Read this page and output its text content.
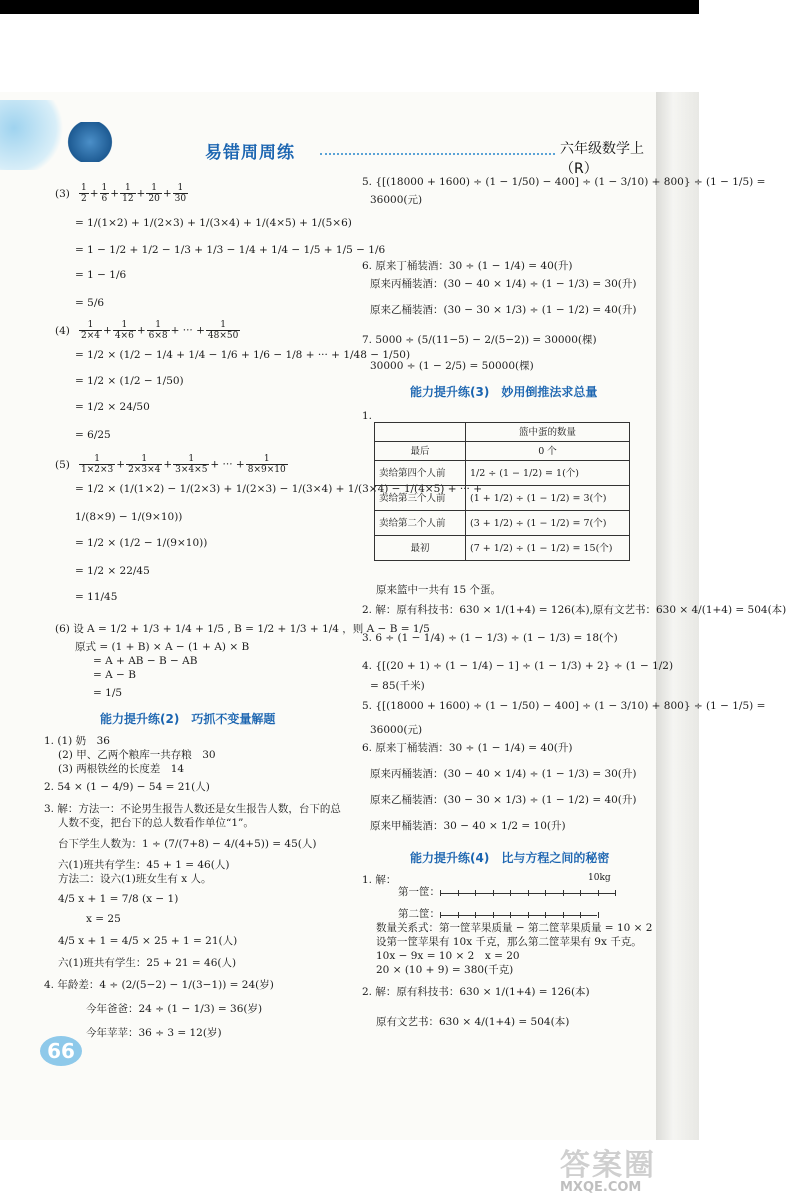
易错周周练	六年级数学上（R）
$(3) \frac{1}{2} + \frac{1}{6} + \frac{1}{12} + \frac{1}{20} + \frac{1}{30}$
= 1/(1×2) + 1/(2×3) + 1/(3×4) + 1/(4×5) + 1/(5×6)
= 1 − 1/2 + 1/2 − 1/3 + 1/3 − 1/4 + 1/4 − 1/5 + 1/5 − 1/6
= 1 − 1/6
= 5/6
$(4) \frac{1}{2\times 4} + \frac{1}{4\times 6} + \frac{1}{6\times 8}$ + ··· + $\frac{1}{48\times 50}$
= 1/2 × (1/2 − 1/4 + 1/4 − 1/6 + 1/6 − 1/8 + ··· + 1/48 − 1/50)
= 1/2 × (1/2 − 1/50)
= 1/2 × 24/50
= 6/25
$(5) \frac{1}{1\times 2\times 3} + \frac{1}{2\times 3\times 4} + \frac{1}{3\times 4\times 5}$ + ··· + $\frac{1}{8\times 9\times 10}$
= 1/2 × (1/(1×2) − 1/(2×3) + 1/(2×3) − 1/(3×4) + 1/(3×4) − 1/(4×5) + ··· +
1/(8×9) − 1/(9×10))
= 1/2 × (1/2 − 1/(9×10))
= 1/2 × 22/45
= 11/45
(6) 设 A = 1/2 + 1/3 + 1/4 + 1/5 , B = 1/2 + 1/3 + 1/4 ，则 A − B = 1/5
原式 = (1 + B) × A − (1 + A) × B
= A + AB − B − AB
= A − B
= 1/5
能力提升练(2)　巧抓不变量解题
1. (1) 奶　36
(2) 甲、乙两个粮库一共存粮　30
(3) 两根铁丝的长度差　14
2. 54 × (1 − 4/9) − 54 = 21(人)
3. 解：方法一：不论男生报告人数还是女生报告人数，台下的总
人数不变，把台下的总人数看作单位“1”。
台下学生人数为：1 ÷ (7/(7+8) − 4/(4+5)) = 45(人)
六(1)班共有学生：45 + 1 = 46(人)
方法二：设六(1)班女生有 x 人。
4/5 x + 1 = 7/8 (x − 1)
x = 25
4/5 x + 1 = 4/5 × 25 + 1 = 21(人)
六(1)班共有学生：25 + 21 = 46(人)
4. 年龄差：4 ÷ (2/(5−2) − 1/(3−1)) = 24(岁)
今年爸爸：24 ÷ (1 − 1/3) = 36(岁)
今年苹苹：36 ÷ 3 = 12(岁)
66
5. {[(18000 + 1600) ÷ (1 − 1/50) − 400] ÷ (1 − 3/10) + 800} ÷ (1 − 1/5) =
36000(元)
6. 原来丁桶装酒：30 ÷ (1 − 1/4) = 40(升)
原来丙桶装酒：(30 − 40 × 1/4) ÷ (1 − 1/3) = 30(升)
原来乙桶装酒：(30 − 30 × 1/3) ÷ (1 − 1/2) = 40(升)
7. 5000 ÷ (5/(11−5) − 2/(5−2)) = 30000(棵)
30000 ÷ (1 − 2/5) = 50000(棵)
能力提升练(3)　妙用倒推法求总量
1.
	篮中蛋的数量
最后	0 个
卖给第四个人前	1/2 ÷ (1 − 1/2) = 1(个)
卖给第三个人前	(1 + 1/2) ÷ (1 − 1/2) = 3(个)
卖给第二个人前	(3 + 1/2) ÷ (1 − 1/2) = 7(个)
最初	(7 + 1/2) ÷ (1 − 1/2) = 15(个)
原来篮中一共有 15 个蛋。
2. 解：原有科技书：630 × 1/(1+4) = 126(本),原有文艺书：630 × 4/(1+4) = 504(本)
3. 6 ÷ (1 − 1/4) ÷ (1 − 1/3) ÷ (1 − 1/3) = 18(个)
4. {[(20 + 1) ÷ (1 − 1/4) − 1] ÷ (1 − 1/3) + 2} ÷ (1 − 1/2)
= 85(千米)
5. {[(18000 + 1600) ÷ (1 − 1/50) − 400] ÷ (1 − 3/10) + 800} ÷ (1 − 1/5) =
36000(元)
6. 原来丁桶装酒：30 ÷ (1 − 1/4) = 40(升)
原来丙桶装酒：(30 − 40 × 1/4) ÷ (1 − 1/3) = 30(升)
原来乙桶装酒：(30 − 30 × 1/3) ÷ (1 − 1/2) = 40(升)
原来甲桶装酒：30 − 40 × 1/2 = 10(升)
能力提升练(4)　比与方程之间的秘密
1. 解：
第一筐：
10kg
第二筐：
数量关系式：第一筐苹果质量 − 第二筐苹果质量 = 10 × 2
设第一筐苹果有 10x 千克，那么第二筐苹果有 9x 千克。
10x − 9x = 10 × 2　x = 20
20 × (10 + 9) = 380(千克)
2. 解：原有科技书：630 × 1/(1+4) = 126(本)
原有文艺书：630 × 4/(1+4) = 504(本)
答案圈
MXQE.COM
